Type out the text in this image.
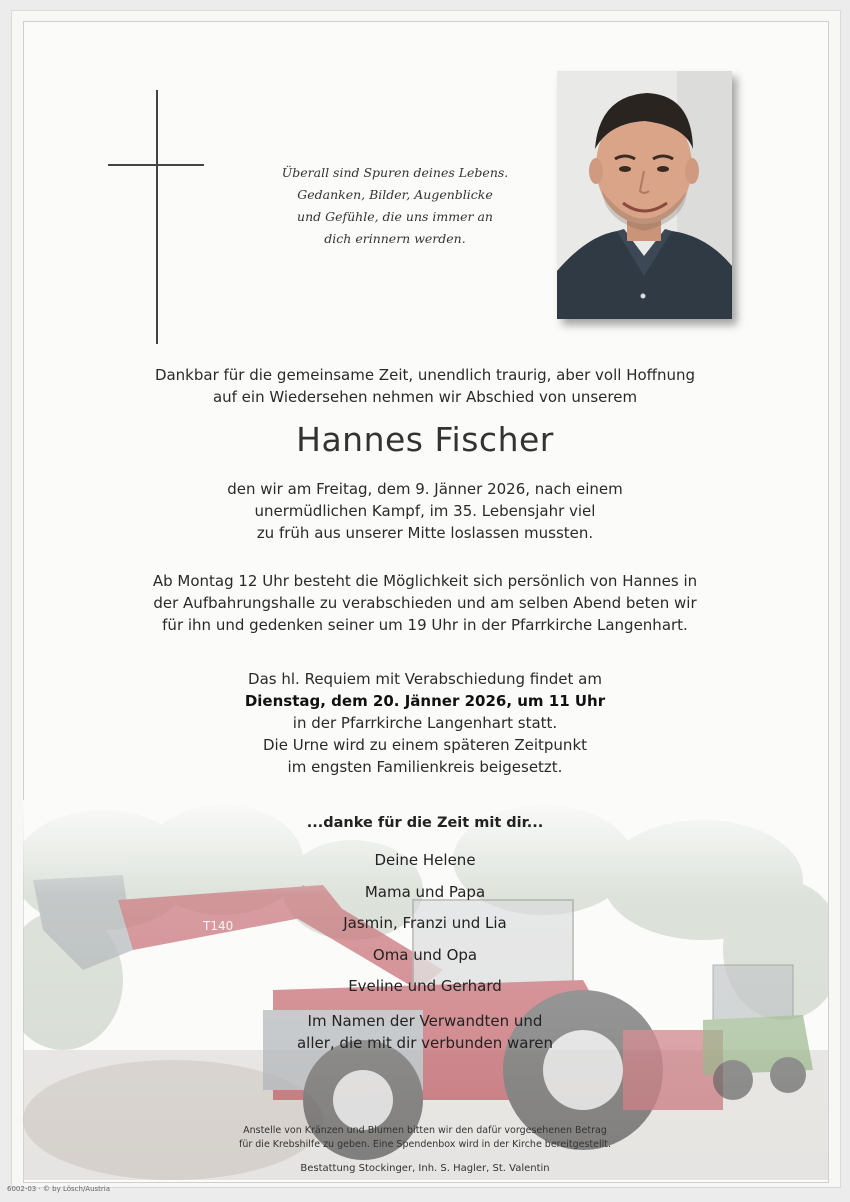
Überall sind Spuren deines Lebens.
Gedanken, Bilder, Augenblicke
und Gefühle, die uns immer an
dich erinnern werden.
Dankbar für die gemeinsame Zeit, unendlich traurig, aber voll Hoffnung
auf ein Wiedersehen nehmen wir Abschied von unserem
Hannes Fischer
den wir am Freitag, dem 9. Jänner 2026, nach einem
unermüdlichen Kampf, im 35. Lebensjahr viel
zu früh aus unserer Mitte loslassen mussten.
Ab Montag 12 Uhr besteht die Möglichkeit sich persönlich von Hannes in
der Aufbahrungshalle zu verabschieden und am selben Abend beten wir
für ihn und gedenken seiner um 19 Uhr in der Pfarrkirche Langenhart.
Das hl. Requiem mit Verabschiedung findet am
Dienstag, dem 20. Jänner 2026, um 11 Uhr
in der Pfarrkirche Langenhart statt.
Die Urne wird zu einem späteren Zeitpunkt
im engsten Familienkreis beigesetzt.
...danke für die Zeit mit dir...
Deine Helene
Mama und Papa
Jasmin, Franzi und Lia
Oma und Opa
Eveline und Gerhard
Im Namen der Verwandten und
aller, die mit dir verbunden waren
Anstelle von Kränzen und Blumen bitten wir den dafür vorgesehenen Betrag
für die Krebshilfe zu geben. Eine Spendenbox wird in der Kirche bereitgestellt.
Bestattung Stockinger, Inh. S. Hagler, St. Valentin
6002-03 · © by Lösch/Austria
